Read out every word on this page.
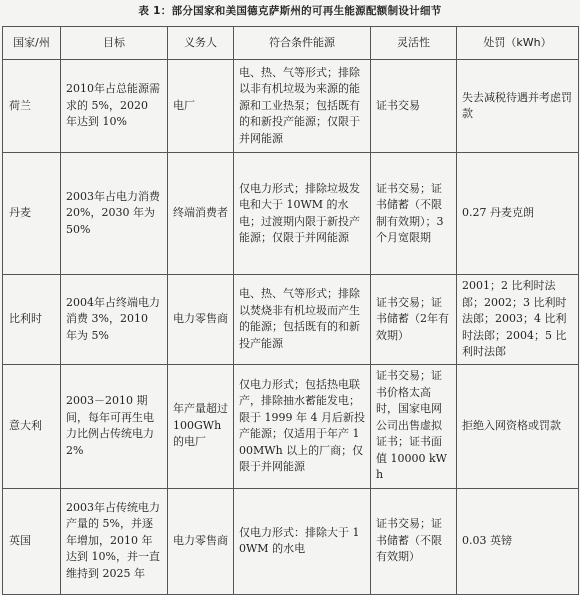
表 1：部分国家和美国德克萨斯州的可再生能源配额制设计细节
国家/州	目标	义务人	符合条件能源	灵活性	处罚（kWh）
荷兰	2010年占总能源需求的 5%，2020 年达到 10%	电厂	电、热、气等形式；排除以非有机垃圾为来源的能源和工业热泵；包括既有的和新投产能源；仅限于并网能源	证书交易	失去减税待遇并考虑罚款
丹麦	2003年占电力消费 20%，2030 年为 50%	终端消费者	仅电力形式；排除垃圾发电和大于 10WM 的水电；过渡期内限于新投产能源；仅限于并网能源	证书交易；证书储蓄（不限制有效期）；3个月宽限期	0.27 丹麦克朗
比利时	2004年占终端电力消费 3%，2010 年为 5%	电力零售商	电、热、气等形式；排除以焚烧非有机垃圾而产生的能源；包括既有的和新投产能源	证书交易；证书储蓄（2年有效期）	2001；2 比利时法郎；2002；3 比利时法郎；2003；4 比利时法郎；2004；5 比利时法郎
意大利	2003－2010 期间，每年可再生电力比例占传统电力 2%	年产量超过 100GWh 的电厂	仅电力形式；包括热电联产，排除抽水蓄能发电；限于 1999 年 4 月后新投产能源；仅适用于年产 100MWh 以上的厂商；仅限于并网能源	证书交易；证书价格太高时，国家电网公司出售虚拟证书；证书面值 10000 kWh	拒绝入网资格或罚款
英国	2003年占传统电力产量的 5%，并逐年增加，2010 年达到 10%，并一直维持到 2025 年	电力零售商	仅电力形式：排除大于 10WM 的水电	证书交易；证书储蓄（不限有效期）	0.03 英镑
